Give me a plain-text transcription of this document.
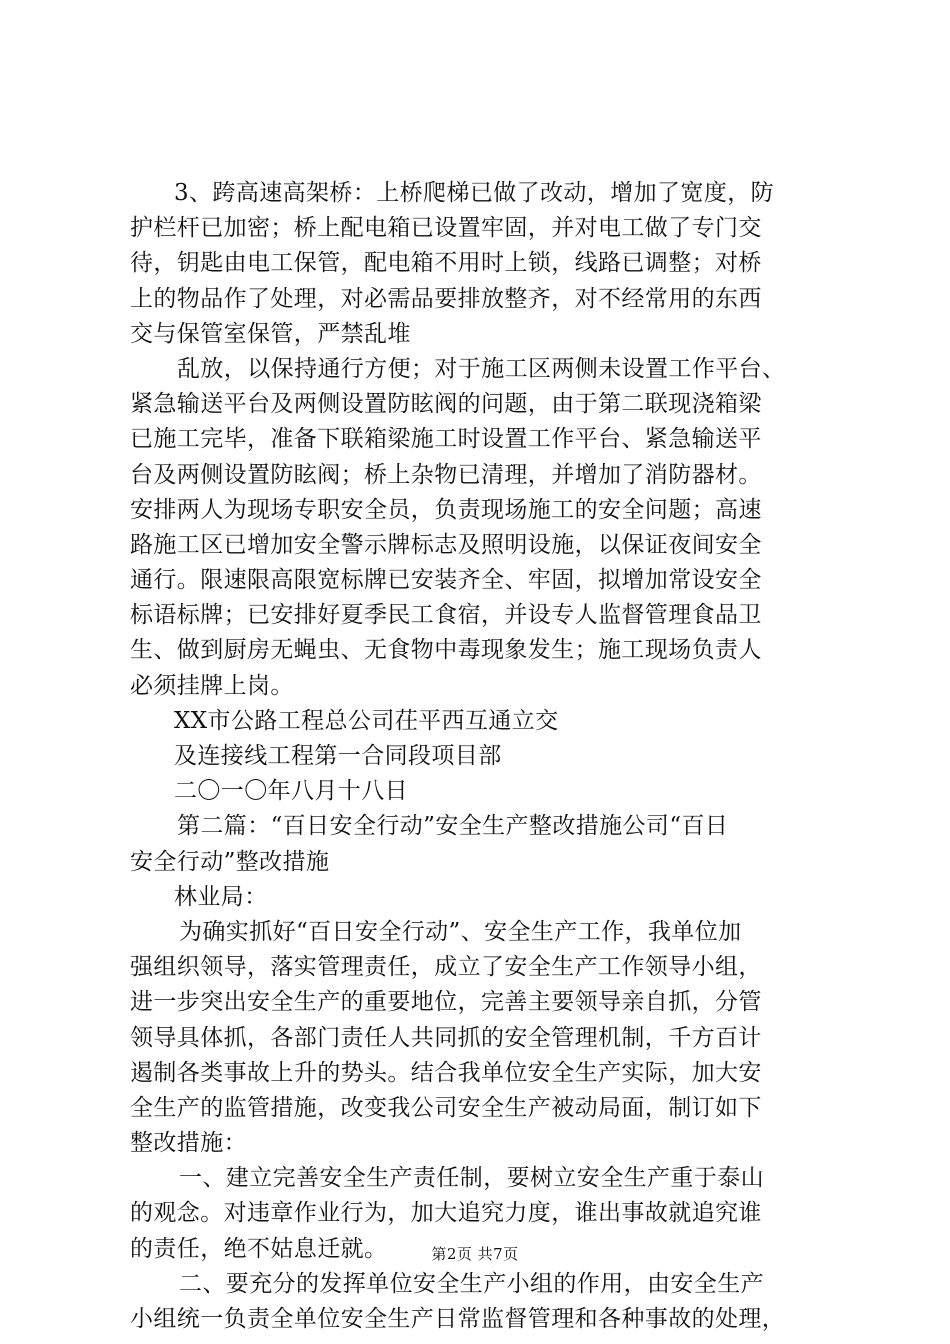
3、跨高速高架桥：上桥爬梯已做了改动，增加了宽度，防
护栏杆已加密；桥上配电箱已设置牢固，并对电工做了专门交
待，钥匙由电工保管，配电箱不用时上锁，线路已调整；对桥
上的物品作了处理，对必需品要排放整齐，对不经常用的东西
交与保管室保管，严禁乱堆
乱放，以保持通行方便；对于施工区两侧未设置工作平台、
紧急输送平台及两侧设置防眩阀的问题，由于第二联现浇箱梁
已施工完毕，准备下联箱梁施工时设置工作平台、紧急输送平
台及两侧设置防眩阀；桥上杂物已清理，并增加了消防器材。
安排两人为现场专职安全员，负责现场施工的安全问题；高速
路施工区已增加安全警示牌标志及照明设施，以保证夜间安全
通行。限速限高限宽标牌已安装齐全、牢固，拟增加常设安全
标语标牌；已安排好夏季民工食宿，并设专人监督管理食品卫
生、做到厨房无蝇虫、无食物中毒现象发生；施工现场负责人
必须挂牌上岗。
XX市公路工程总公司茌平西互通立交
及连接线工程第一合同段项目部
二〇一〇年八月十八日
第二篇：“百日安全行动”安全生产整改措施公司“百日
安全行动”整改措施
林业局：
为确实抓好“百日安全行动”、安全生产工作，我单位加
强组织领导，落实管理责任，成立了安全生产工作领导小组，
进一步突出安全生产的重要地位，完善主要领导亲自抓，分管
领导具体抓，各部门责任人共同抓的安全管理机制，千方百计
遏制各类事故上升的势头。结合我单位安全生产实际，加大安
全生产的监管措施，改变我公司安全生产被动局面，制订如下
整改措施：
一、建立完善安全生产责任制，要树立安全生产重于泰山
的观念。对违章作业行为，加大追究力度，谁出事故就追究谁
的责任，绝不姑息迁就。
二、要充分的发挥单位安全生产小组的作用，由安全生产
小组统一负责全单位安全生产日常监督管理和各种事故的处理，
第2页 共7页
